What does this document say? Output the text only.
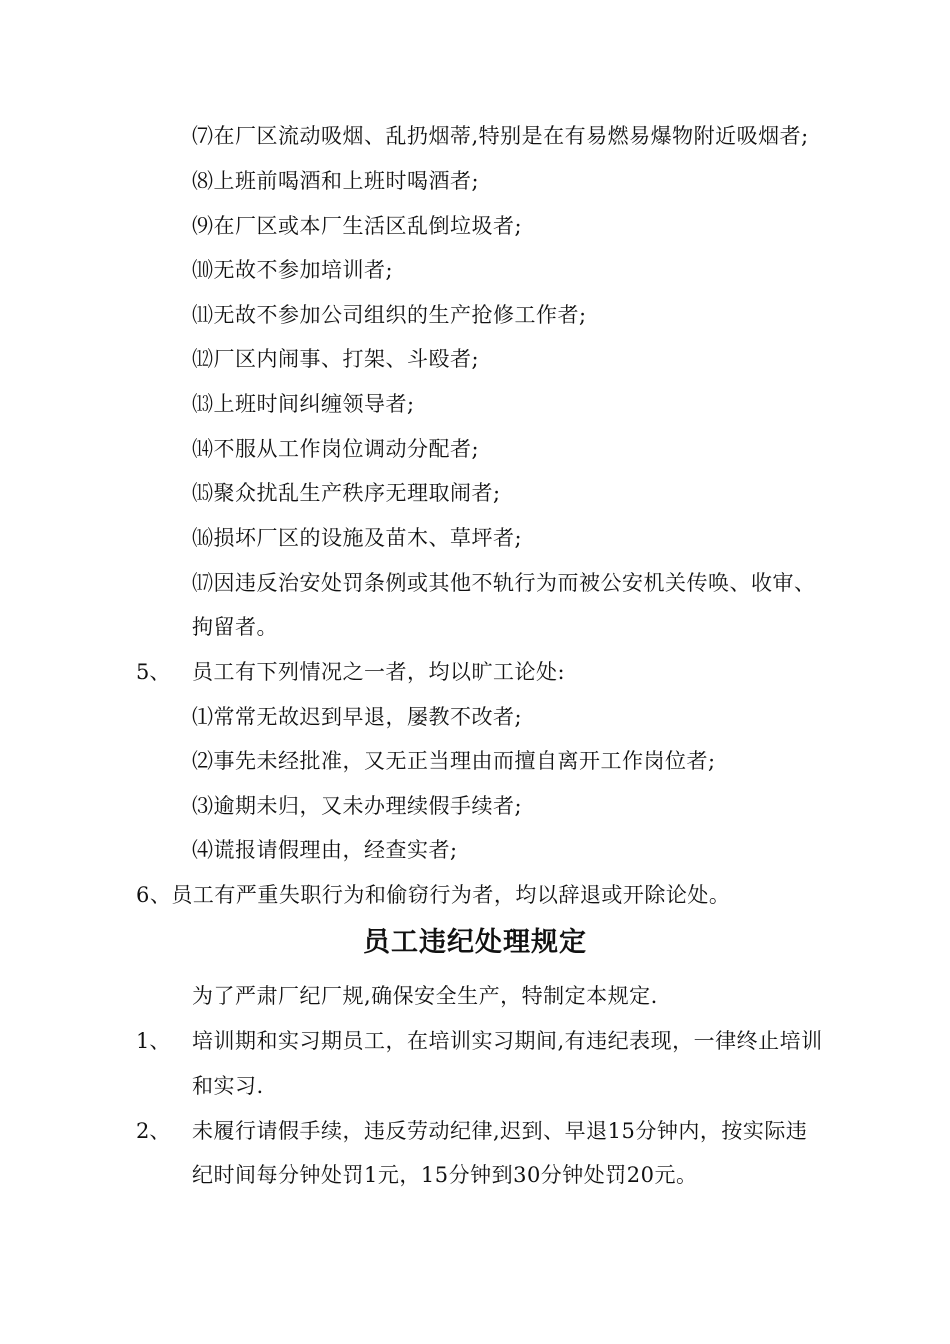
⑺在厂区流动吸烟、乱扔烟蒂,特别是在有易燃易爆物附近吸烟者;
⑻上班前喝酒和上班时喝酒者;
⑼在厂区或本厂生活区乱倒垃圾者;
⑽无故不参加培训者;
⑾无故不参加公司组织的生产抢修工作者;
⑿厂区内闹事、打架、斗殴者;
⒀上班时间纠缠领导者;
⒁不服从工作岗位调动分配者;
⒂聚众扰乱生产秩序无理取闹者;
⒃损坏厂区的设施及苗木、草坪者;
⒄因违反治安处罚条例或其他不轨行为而被公安机关传唤、收审、
拘留者。
5、 员工有下列情况之一者，均以旷工论处:
⑴常常无故迟到早退，屡教不改者;
⑵事先未经批准，又无正当理由而擅自离开工作岗位者;
⑶逾期未归，又未办理续假手续者;
⑷谎报请假理由，经查实者;
6、员工有严重失职行为和偷窃行为者，均以辞退或开除论处。
员工违纪处理规定
为了严肃厂纪厂规,确保安全生产，特制定本规定.
1、 培训期和实习期员工，在培训实习期间,有违纪表现，一律终止培训
和实习.
2、 未履行请假手续，违反劳动纪律,迟到、早退15分钟内，按实际违
纪时间每分钟处罚1元，15分钟到30分钟处罚20元。
